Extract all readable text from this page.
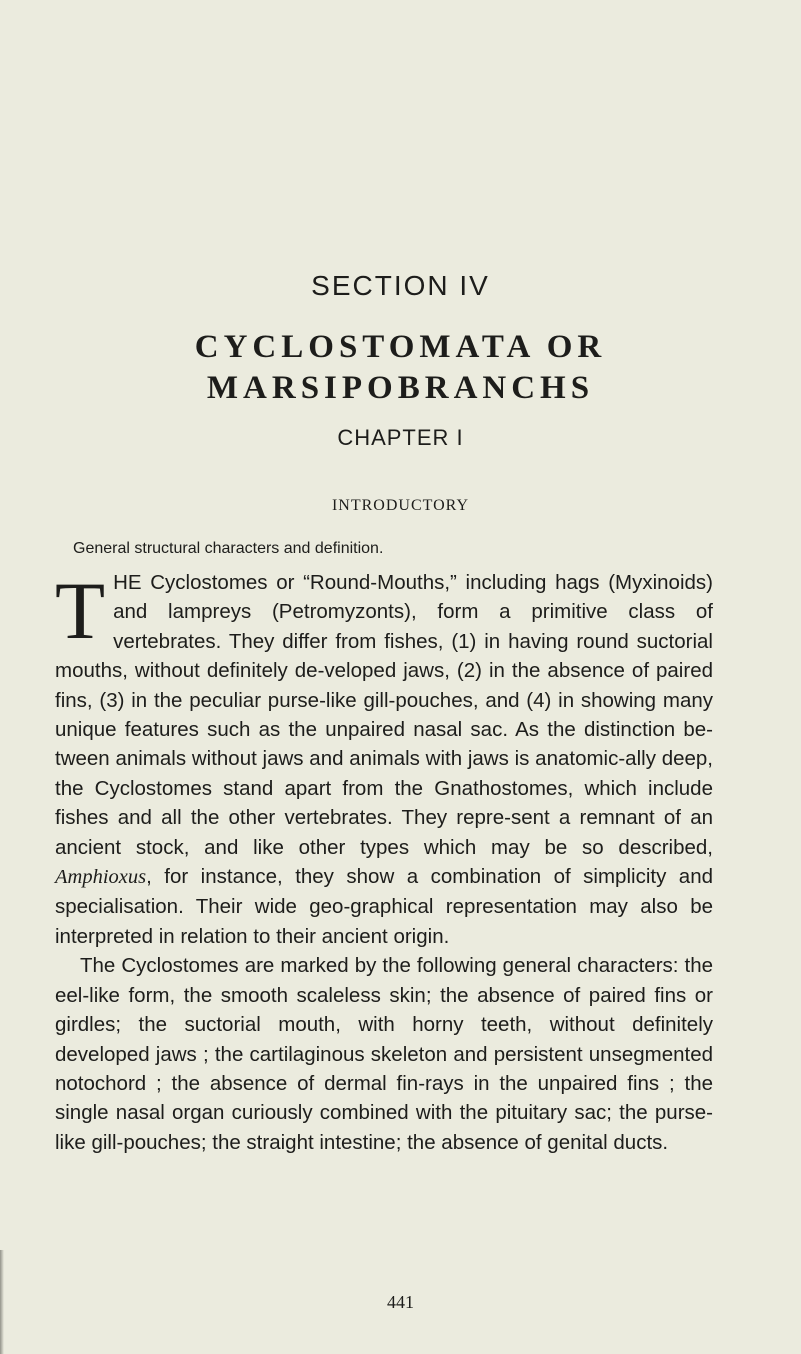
SECTION IV
CYCLOSTOMATA OR
MARSIPOBRANCHS
CHAPTER I
INTRODUCTORY
General structural characters and definition.

THE Cyclostomes or “Round-Mouths,” including hags (Myxinoids) and lampreys (Petromyzonts), form a primitive class of vertebrates. They differ from fishes, (1) in having round suctorial mouths, without definitely de-veloped jaws, (2) in the absence of paired fins, (3) in the peculiar purse-like gill-pouches, and (4) in showing many unique features such as the unpaired nasal sac. As the distinction be-tween animals without jaws and animals with jaws is anatomic-ally deep, the Cyclostomes stand apart from the Gnathostomes, which include fishes and all the other vertebrates. They repre-sent a remnant of an ancient stock, and like other types which may be so described, Amphioxus, for instance, they show a combination of simplicity and specialisation. Their wide geo-graphical representation may also be interpreted in relation to their ancient origin.

The Cyclostomes are marked by the following general characters: the eel-like form, the smooth scaleless skin; the absence of paired fins or girdles; the suctorial mouth, with horny teeth, without definitely developed jaws ; the cartilaginous skeleton and persistent unsegmented notochord ; the absence of dermal fin-rays in the unpaired fins ; the single nasal organ curiously combined with the pituitary sac; the purse-like gill-pouches; the straight intestine; the absence of genital ducts.

441
